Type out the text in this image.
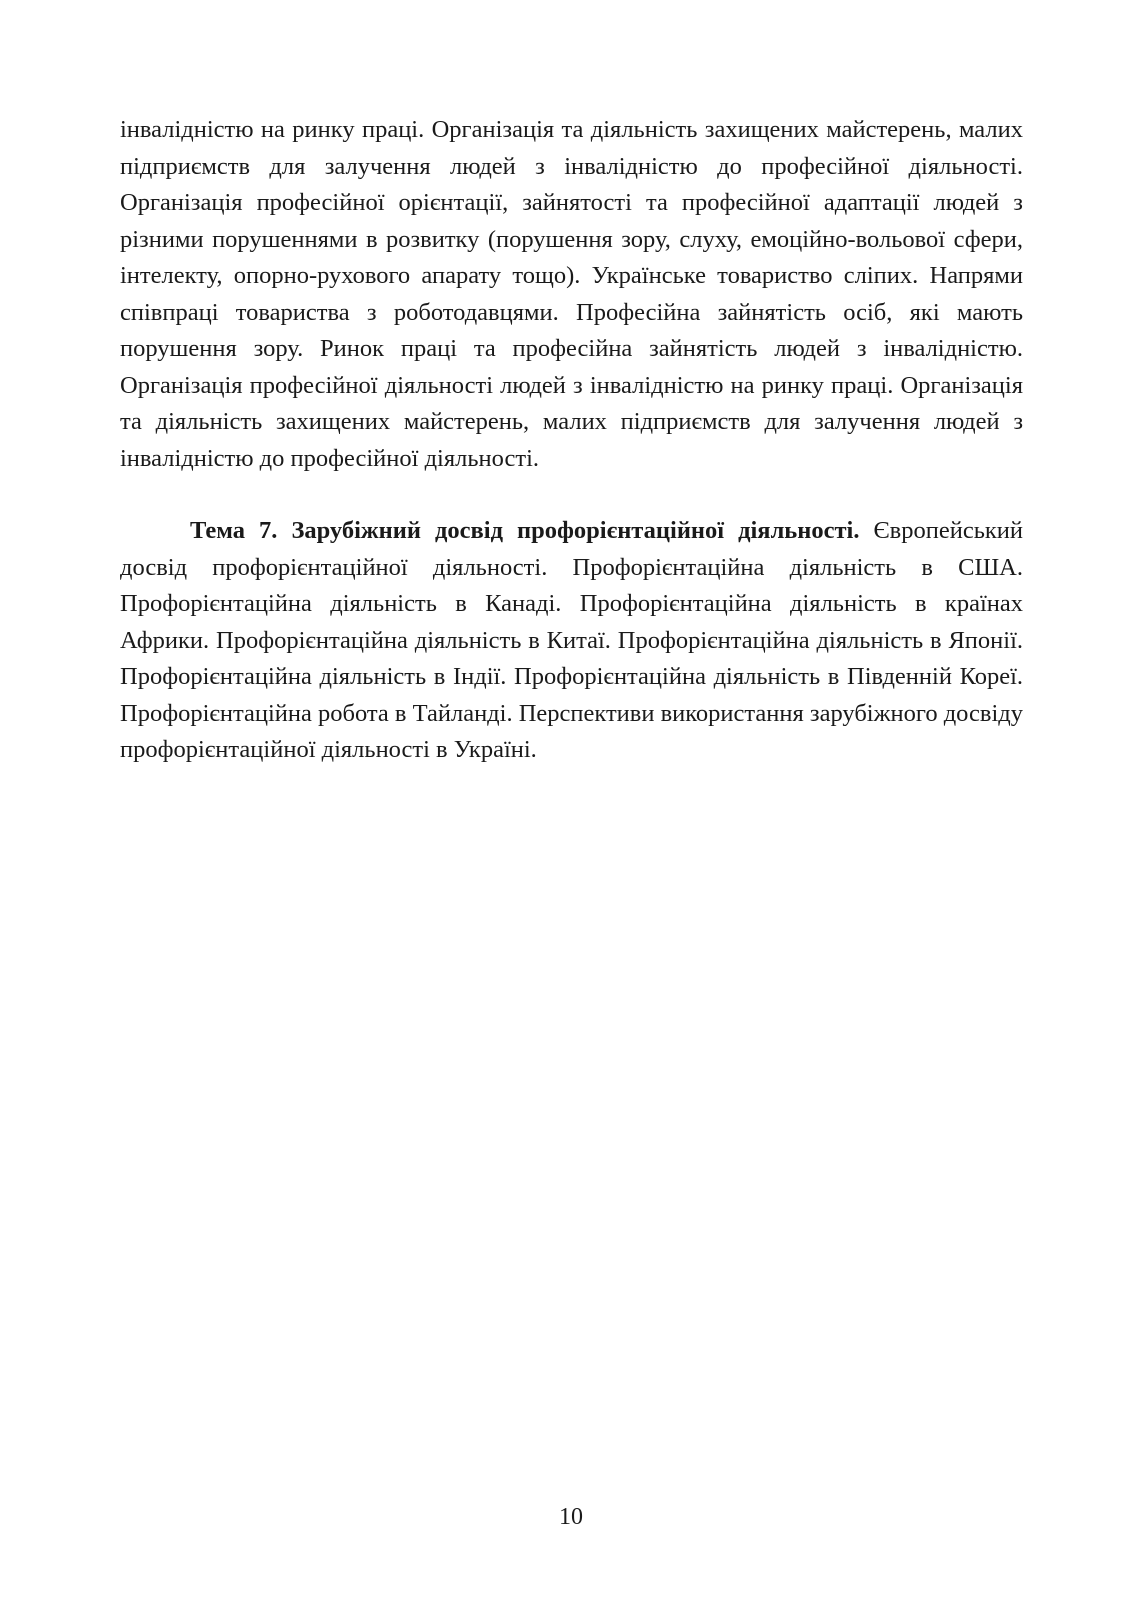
інвалідністю на ринку праці. Організація та діяльність захищених майстерень, малих підприємств для залучення людей з інвалідністю до професійної діяльності. Організація професійної орієнтації, зайнятості та професійної адаптації людей з різними порушеннями в розвитку (порушення зору, слуху, емоційно-вольової сфери, інтелекту, опорно-рухового апарату тощо). Українське товариство сліпих. Напрями співпраці товариства з роботодавцями. Професійна зайнятість осіб, які мають порушення зору. Ринок праці та професійна зайнятість людей з інвалідністю. Організація професійної діяльності людей з інвалідністю на ринку праці. Організація та діяльність захищених майстерень, малих підприємств для залучення людей з інвалідністю до професійної діяльності.

Тема 7. Зарубіжний досвід профорієнтаційної діяльності. Європейський досвід профорієнтаційної діяльності. Профорієнтаційна діяльність в США. Профорієнтаційна діяльність в Канаді. Профорієнтаційна діяльність в країнах Африки. Профорієнтаційна діяльність в Китаї. Профорієнтаційна діяльність в Японії. Профорієнтаційна діяльність в Індії. Профорієнтаційна діяльність в Південній Кореї. Профорієнтаційна робота в Тайланді. Перспективи використання зарубіжного досвіду профорієнтаційної діяльності в Україні.

10
